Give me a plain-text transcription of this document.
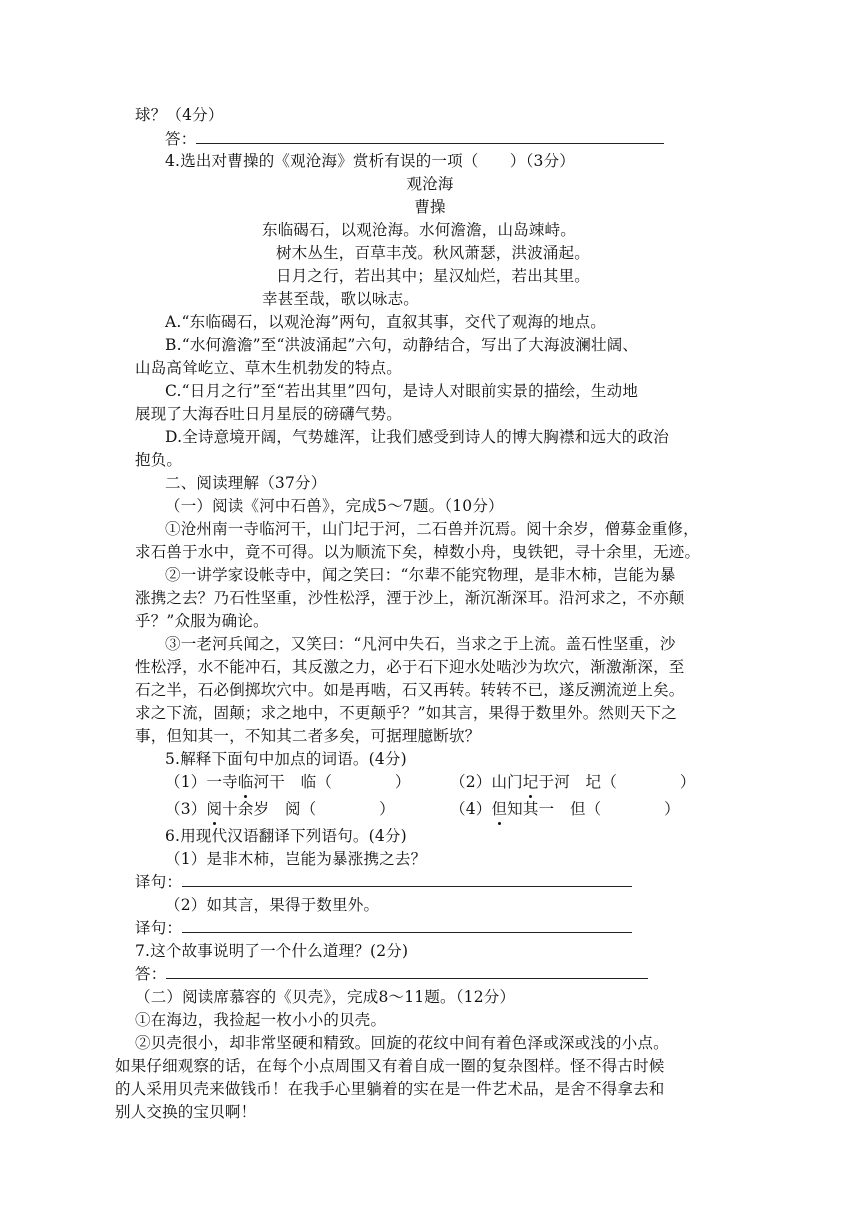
球？（4分）
答：
4.选出对曹操的《观沧海》赏析有误的一项（　　）（3分）
观沧海
曹操
东临碣石，以观沧海。水何澹澹，山岛竦峙。
树木丛生，百草丰茂。秋风萧瑟，洪波涌起。
日月之行，若出其中；星汉灿烂，若出其里。
幸甚至哉，歌以咏志。
A.“东临碣石，以观沧海”两句，直叙其事，交代了观海的地点。
B.“水何澹澹”至“洪波涌起”六句，动静结合，写出了大海波澜壮阔、
山岛高耸屹立、草木生机勃发的特点。
C.“日月之行”至“若出其里”四句，是诗人对眼前实景的描绘，生动地
展现了大海吞吐日月星辰的磅礴气势。
D.全诗意境开阔，气势雄浑，让我们感受到诗人的博大胸襟和远大的政治
抱负。
二、阅读理解（37分）
（一）阅读《河中石兽》，完成5～7题。（10分）
①沧州南一寺临河干，山门圮于河，二石兽并沉焉。阅十余岁，僧募金重修，
求石兽于水中，竟不可得。以为顺流下矣，棹数小舟，曳铁钯，寻十余里，无迹。
②一讲学家设帐寺中，闻之笑曰：“尔辈不能究物理，是非木柿，岂能为暴
涨携之去？乃石性坚重，沙性松浮，湮于沙上，渐沉渐深耳。沿河求之，不亦颠
乎？”众服为确论。
③一老河兵闻之，又笑曰：“凡河中失石，当求之于上流。盖石性坚重，沙
性松浮，水不能冲石，其反激之力，必于石下迎水处啮沙为坎穴，渐激渐深，至
石之半，石必倒掷坎穴中。如是再啮，石又再转。转转不已，遂反溯流逆上矣。
求之下流，固颠；求之地中，不更颠乎？”如其言，果得于数里外。然则天下之
事，但知其一，不知其二者多矣，可据理臆断欤？
5.解释下面句中加点的词语。(4分)
（1）一寺临河干　临（　　　　）	（2）山门圮于河　圮（　　　　）
（3）阅十余岁　阅（　　　　）	（4）但知其一　但（　　　　）
6.用现代汉语翻译下列语句。(4分)
（1）是非木柿，岂能为暴涨携之去？
译句：
（2）如其言，果得于数里外。
译句：
7.这个故事说明了一个什么道理？(2分)
答：
（二）阅读席慕容的《贝壳》，完成8～11题。（12分）
①在海边，我捡起一枚小小的贝壳。
②贝壳很小，却非常坚硬和精致。回旋的花纹中间有着色泽或深或浅的小点。
如果仔细观察的话，在每个小点周围又有着自成一圈的复杂图样。怪不得古时候
的人采用贝壳来做钱币！在我手心里躺着的实在是一件艺术品，是舍不得拿去和
别人交换的宝贝啊！
